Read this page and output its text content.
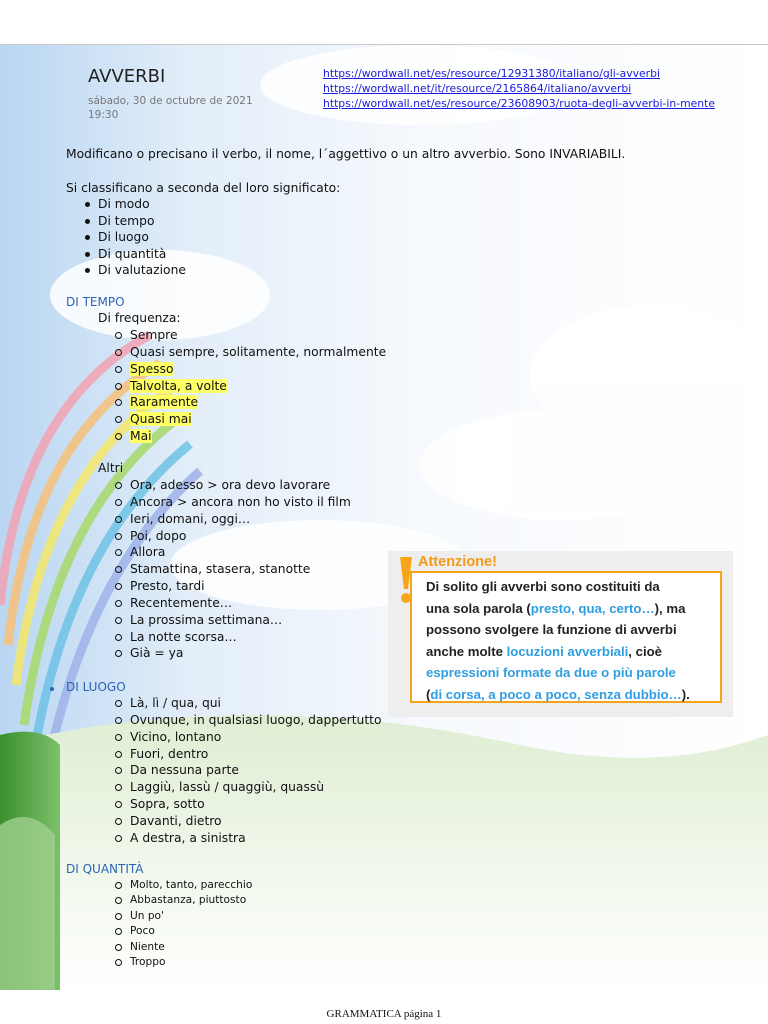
AVVERBI
sábado, 30 de octubre de 2021
19:30
https://wordwall.net/es/resource/12931380/italiano/gli-avverbi
https://wordwall.net/it/resource/2165864/italiano/avverbi
https://wordwall.net/es/resource/23608903/ruota-degli-avverbi-in-mente
Modificano o precisano il verbo, il nome, l´aggettivo o un altro avverbio. Sono INVARIABILI.
Si classificano a seconda del loro significato:
Di modo
Di tempo
Di luogo
Di quantità
Di valutazione
DI TEMPO
Di frequenza:
Sempre
Quasi sempre, solitamente, normalmente
Spesso
Talvolta, a volte
Raramente
Quasi mai
Mai
Altri
Ora, adesso > ora devo lavorare
Ancora > ancora non ho visto il film
Ieri, domani, oggi…
Poi, dopo
Allora
Stamattina, stasera, stanotte
Presto, tardi
Recentemente…
La prossima settimana…
La notte scorsa…
Già = ya
DI LUOGO
Là, lì / qua, qui
Ovunque, in qualsiasi luogo, dappertutto
Vicino, lontano
Fuori, dentro
Da nessuna parte
Laggiù, lassù / quaggiù, quassù
Sopra, sotto
Davanti, dietro
A destra, a sinistra
DI QUANTITÀ
Molto, tanto, parecchio
Abbastanza, piuttosto
Un po'
Poco
Niente
Troppo
Attenzione!
Di solito gli avverbi sono costituiti da
una sola parola (presto, qua, certo…), ma
possono svolgere la funzione di avverbi
anche molte locuzioni avverbiali, cioè
espressioni formate da due o più parole
(di corsa, a poco a poco, senza dubbio…).
GRAMMATICA página 1
